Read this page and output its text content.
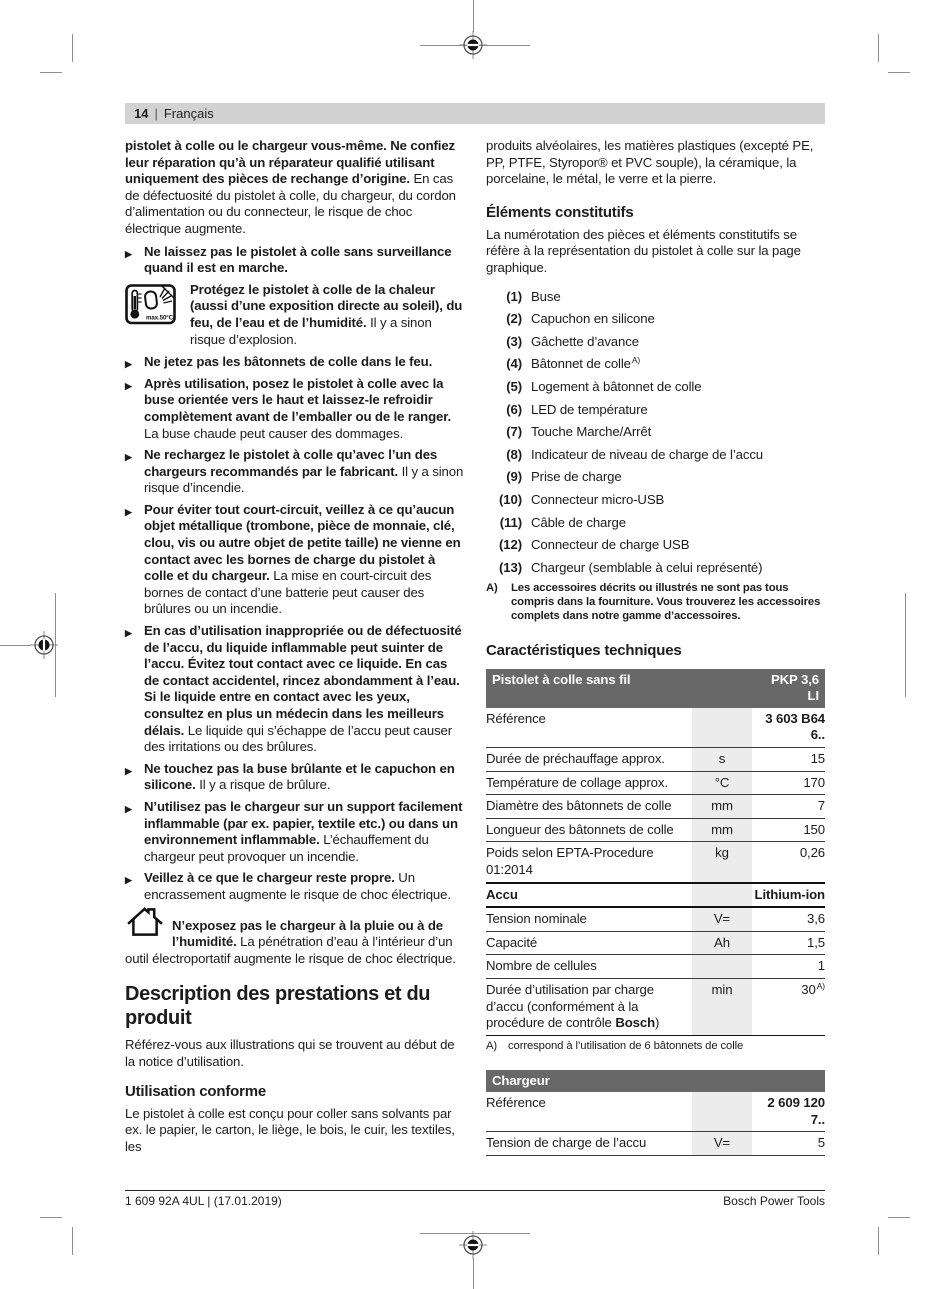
14 | Français

pistolet à colle ou le chargeur vous-même. Ne confiez leur réparation qu’à un réparateur qualifié utilisant uniquement des pièces de rechange d’origine. En cas de défectuosité du pistolet à colle, du chargeur, du cordon d’alimentation ou du connecteur, le risque de choc électrique augmente.

▶ Ne laissez pas le pistolet à colle sans surveillance quand il est en marche.
max.50°C
Protégez le pistolet à colle de la chaleur (aussi d’une exposition directe au soleil), du feu, de l’eau et de l’humidité. Il y a sinon risque d’explosion.
▶ Ne jetez pas les bâtonnets de colle dans le feu.
▶ Après utilisation, posez le pistolet à colle avec la buse orientée vers le haut et laissez-le refroidir complètement avant de l’emballer ou de le ranger. La buse chaude peut causer des dommages.
▶ Ne rechargez le pistolet à colle qu’avec l’un des chargeurs recommandés par le fabricant. Il y a sinon risque d’incendie.
▶ Pour éviter tout court-circuit, veillez à ce qu’aucun objet métallique (trombone, pièce de monnaie, clé, clou, vis ou autre objet de petite taille) ne vienne en contact avec les bornes de charge du pistolet à colle et du chargeur. La mise en court-circuit des bornes de contact d’une batterie peut causer des brûlures ou un incendie.
▶ En cas d’utilisation inappropriée ou de défectuosité de l’accu, du liquide inflammable peut suinter de l’accu. Évitez tout contact avec ce liquide. En cas de contact accidentel, rincez abondamment à l’eau. Si le liquide entre en contact avec les yeux, consultez en plus un médecin dans les meilleurs délais. Le liquide qui s’échappe de l’accu peut causer des irritations ou des brûlures.
▶ Ne touchez pas la buse brûlante et le capuchon en silicone. Il y a risque de brûlure.
▶ N’utilisez pas le chargeur sur un support facilement inflammable (par ex. papier, textile etc.) ou dans un environnement inflammable. L’échauffement du chargeur peut provoquer un incendie.
▶ Veillez à ce que le chargeur reste propre. Un encrassement augmente le risque de choc électrique.
N’exposez pas le chargeur à la pluie ou à de l’humidité. La pénétration d’eau à l’intérieur d’un outil électroportatif augmente le risque de choc électrique.
Description des prestations et du produit

Référez-vous aux illustrations qui se trouvent au début de la notice d’utilisation.

Utilisation conforme

Le pistolet à colle est conçu pour coller sans solvants par ex. le papier, le carton, le liège, le bois, le cuir, les textiles, les

produits alvéolaires, les matières plastiques (excepté PE, PP, PTFE, Styropor® et PVC souple), la céramique, la porcelaine, le métal, le verre et la pierre.

Éléments constitutifs

La numérotation des pièces et éléments constitutifs se réfère à la représentation du pistolet à colle sur la page graphique.

(1) Buse
(2) Capuchon en silicone
(3) Gâchette d’avance
(4) Bâtonnet de colle$^{A)}$
(5) Logement à bâtonnet de colle
(6) LED de température
(7) Touche Marche/Arrêt
(8) Indicateur de niveau de charge de l’accu
(9) Prise de charge
(10) Connecteur micro-USB
(11) Câble de charge
(12) Connecteur de charge USB
(13) Chargeur (semblable à celui représenté)
A)	Les accessoires décrits ou illustrés ne sont pas tous compris dans la fourniture. Vous trouverez les accessoires complets dans notre gamme d’accessoires.
Caractéristiques techniques
Pistolet à colle sans fil		PKP 3,6 LI
Référence		3 603 B64 6..
Durée de préchauffage approx.	s	15
Température de collage approx.	°C	170
Diamètre des bâtonnets de colle	mm	7
Longueur des bâtonnets de colle	mm	150
Poids selon EPTA-Procedure 01:2014	kg	0,26
Accu		Lithium-ion
Tension nominale	V=	3,6
Capacité	Ah	1,5
Nombre de cellules		1
Durée d’utilisation par charge d’accu (conformément à la procédure de contrôle Bosch)	min	$30^{A)}$
A) correspond à l’utilisation de 6 bâtonnets de colle
Chargeur		
Référence		2 609 120 7..
Tension de charge de l’accu	V=	5
1 609 92A 4UL | (17.01.2019)	Bosch Power Tools
